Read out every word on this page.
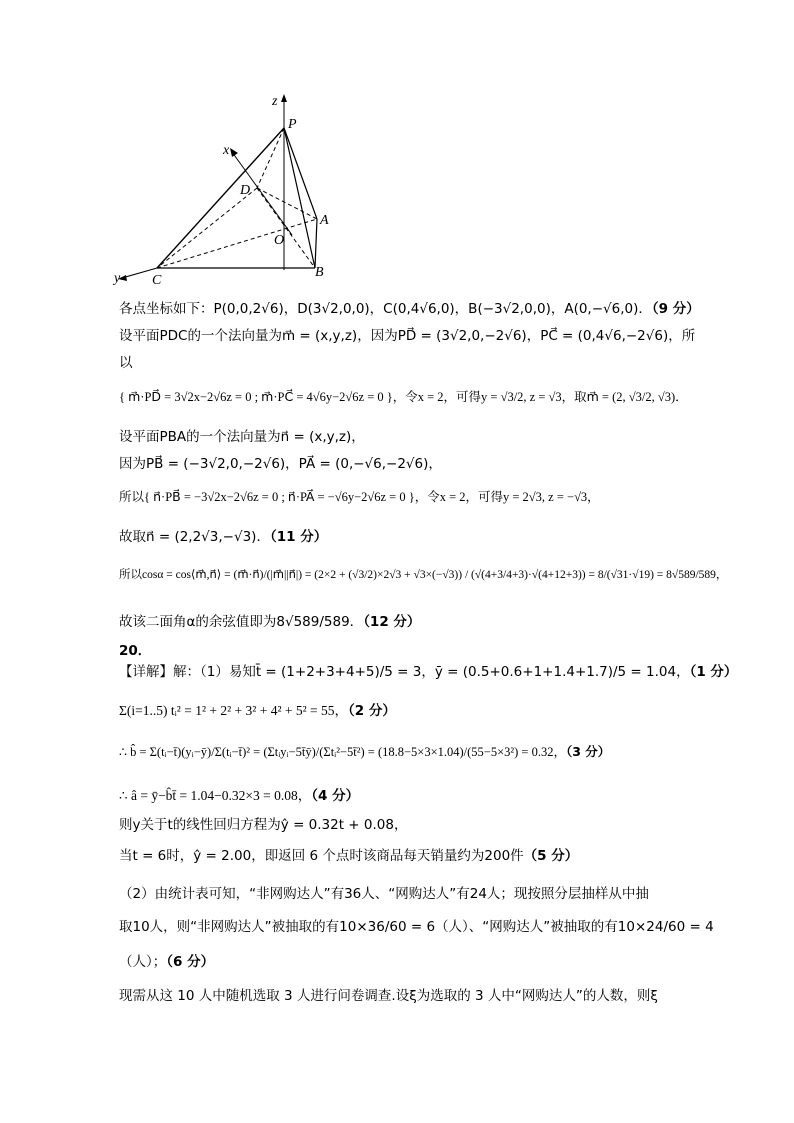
z
x
y
P
D
A
O
B
C
各点坐标如下：P(0,0,2√6)，D(3√2,0,0)，C(0,4√6,0)，B(−3√2,0,0)，A(0,−√6,0)．（9 分）
设平面PDC的一个法向量为m⃗ = (x,y,z)，因为PD⃗ = (3√2,0,−2√6)，PC⃗ = (0,4√6,−2√6)，所
以
{ m⃗·PD⃗ = 3√2x−2√6z = 0 ; m⃗·PC⃗ = 4√6y−2√6z = 0 }，令x = 2，可得y = √3/2, z = √3，取m⃗ = (2, √3/2, √3)．
设平面PBA的一个法向量为n⃗ = (x,y,z)，
因为PB⃗ = (−3√2,0,−2√6)，PA⃗ = (0,−√6,−2√6)，
所以{ n⃗·PB⃗ = −3√2x−2√6z = 0 ; n⃗·PA⃗ = −√6y−2√6z = 0 }，令x = 2，可得y = 2√3, z = −√3，
故取n⃗ = (2,2√3,−√3)．（11 分）
所以cosα = cos⟨m⃗,n⃗⟩ = (m⃗·n⃗)/(|m⃗||n⃗|) = (2×2 + (√3/2)×2√3 + √3×(−√3)) / (√(4+3/4+3)·√(4+12+3)) = 8/(√31·√19) = 8√589/589，
故该二面角α的余弦值即为8√589/589．（12 分）
20．
【详解】解：（1）易知t̄ = (1+2+3+4+5)/5 = 3，ȳ = (0.5+0.6+1+1.4+1.7)/5 = 1.04，（1 分）
Σ(i=1..5) tᵢ² = 1² + 2² + 3² + 4² + 5² = 55，（2 分）
∴ b̂ = Σ(tᵢ−t̄)(yᵢ−ȳ)/Σ(tᵢ−t̄)² = (Σtᵢyᵢ−5t̄ȳ)/(Σtᵢ²−5t̄²) = (18.8−5×3×1.04)/(55−5×3²) = 0.32，（3 分）
∴ â = ȳ−b̂t̄ = 1.04−0.32×3 = 0.08，（4 分）
则y关于t的线性回归方程为ŷ = 0.32t + 0.08，
当t = 6时，ŷ = 2.00，即返回 6 个点时该商品每天销量约为200件（5 分）
（2）由统计表可知，“非网购达人”有36人、“网购达人”有24人；现按照分层抽样从中抽
取10人，则“非网购达人”被抽取的有10×36/60 = 6（人）、“网购达人”被抽取的有10×24/60 = 4
（人）；（6 分）
现需从这 10 人中随机选取 3 人进行问卷调查.设ξ为选取的 3 人中“网购达人”的人数，则ξ
